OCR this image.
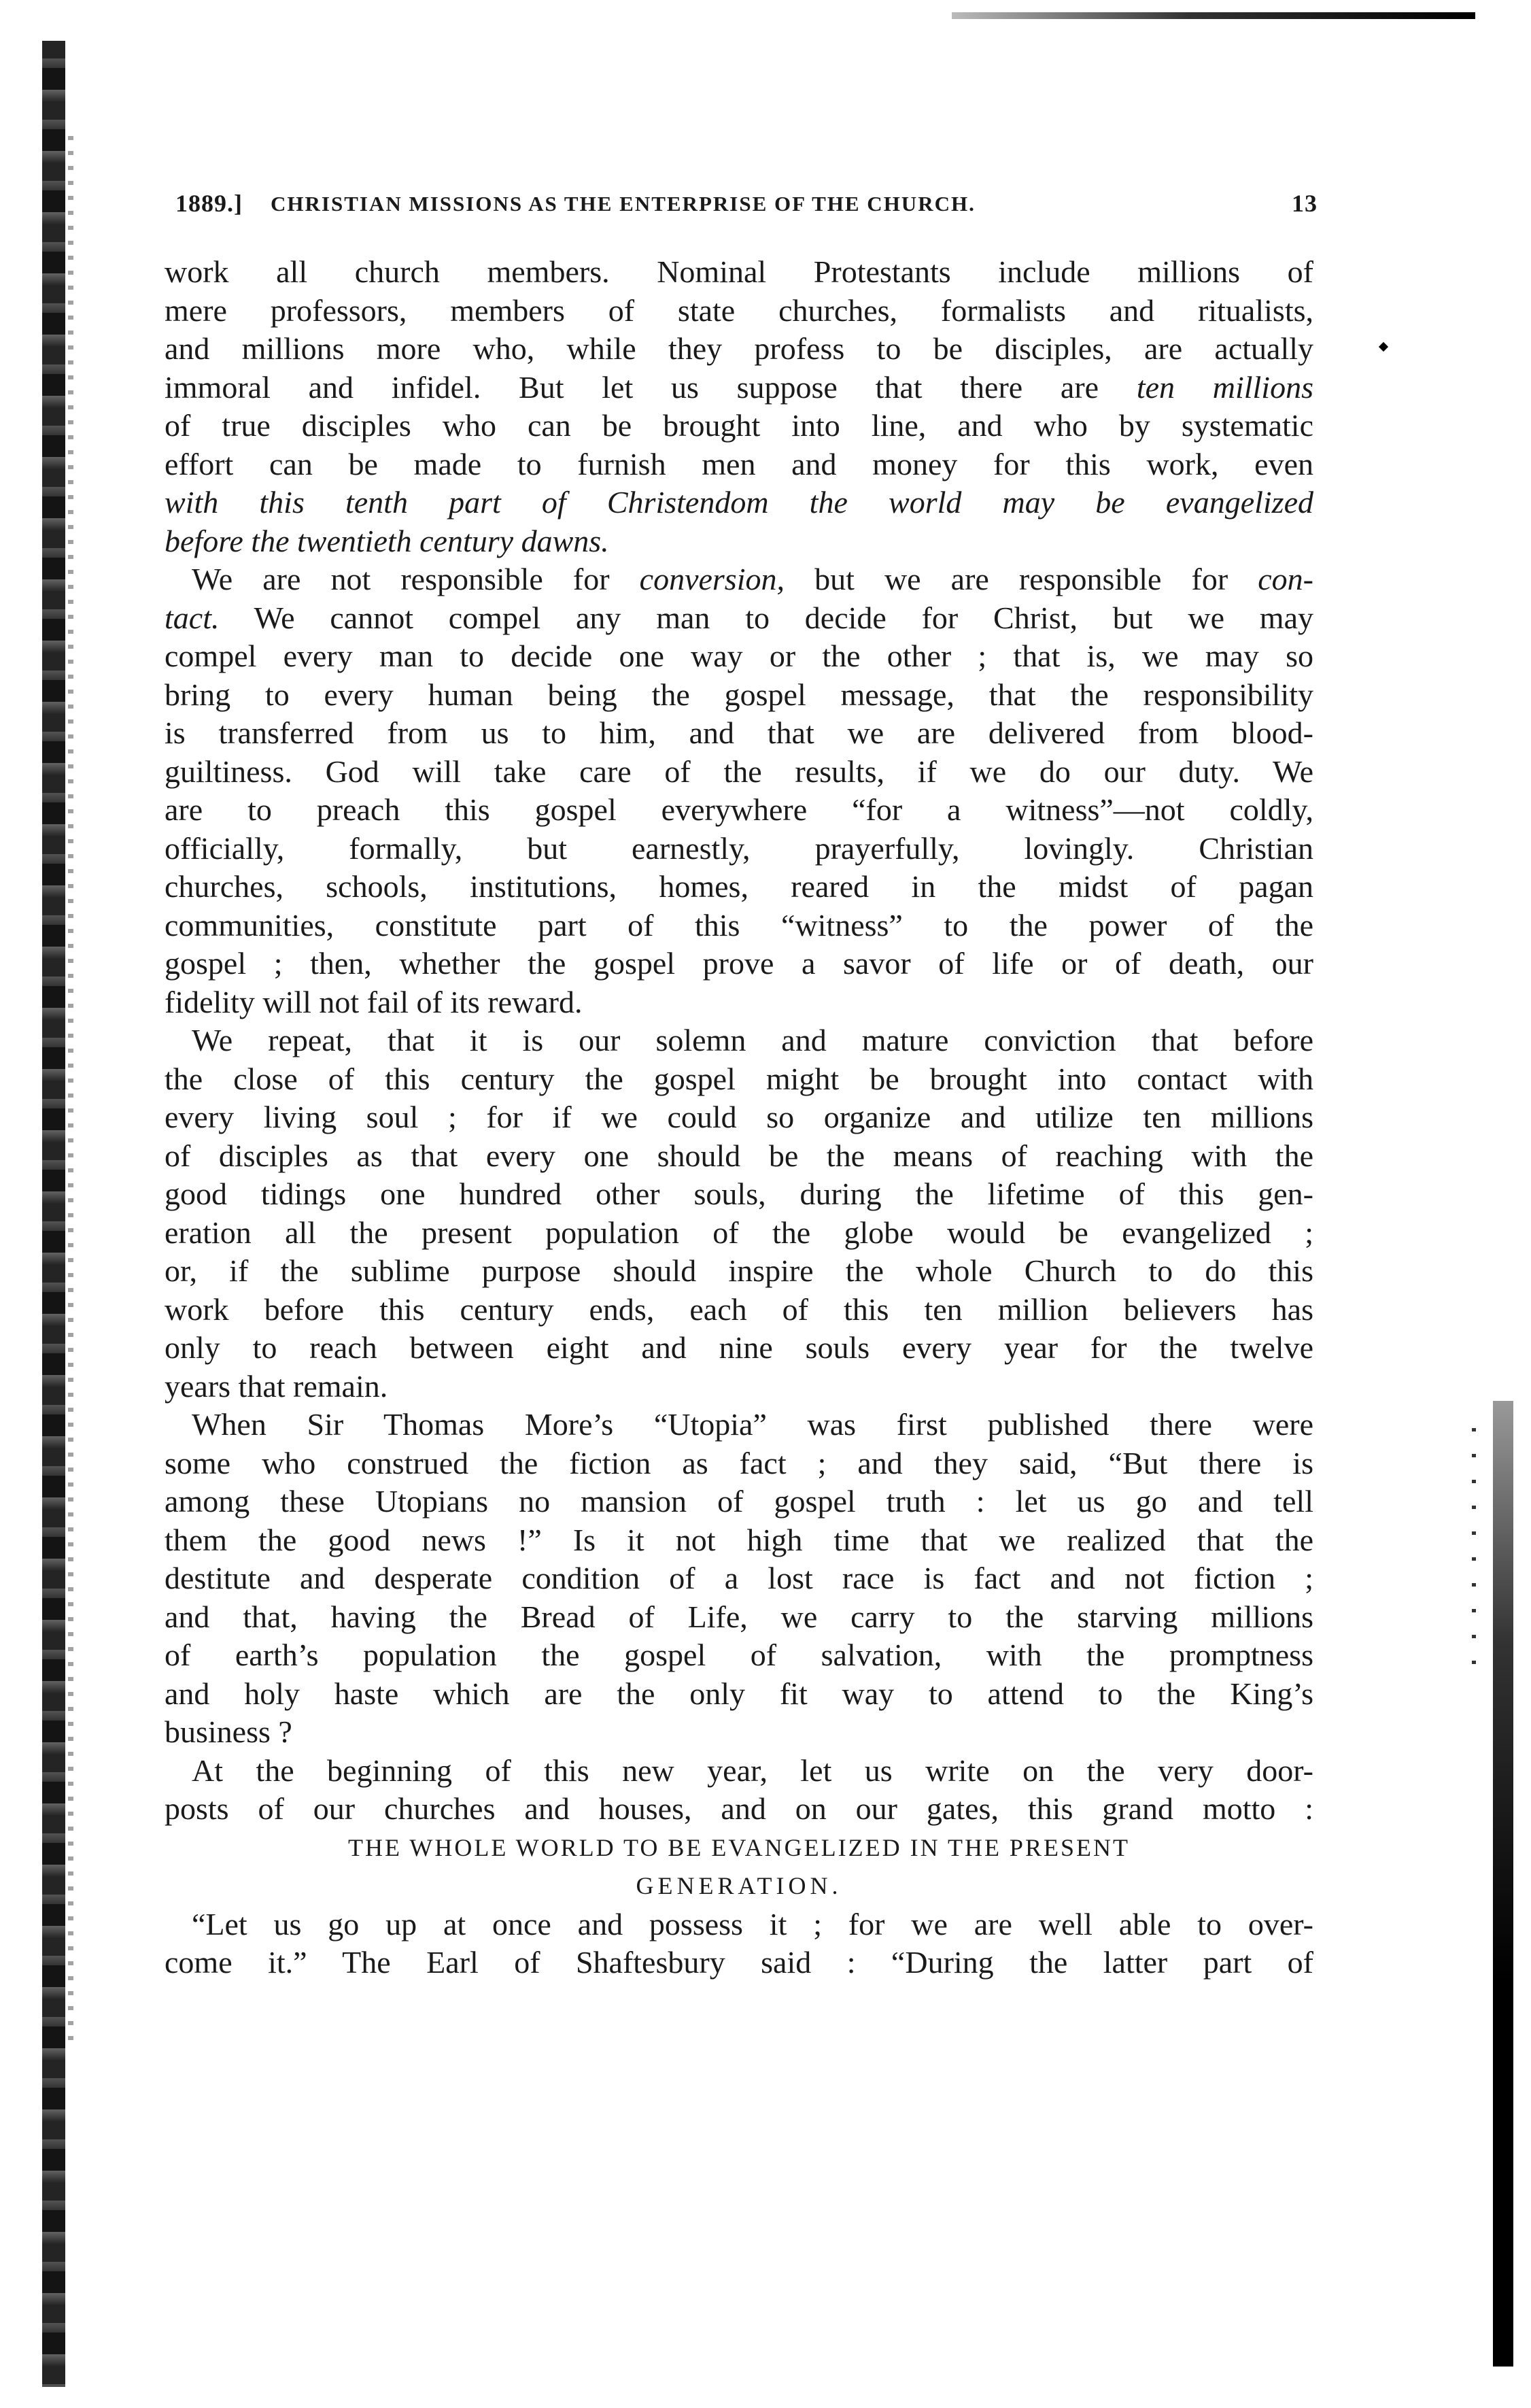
1889.] CHRISTIAN MISSIONS AS THE ENTERPRISE OF THE CHURCH.	13
work all church members. Nominal Protestants include millions of
mere professors, members of state churches, formalists and ritualists,
and millions more who, while they profess to be disciples, are actually
immoral and infidel. But let us suppose that there are ten millions
of true disciples who can be brought into line, and who by systematic
effort can be made to furnish men and money for this work, even
with this tenth part of Christendom the world may be evangelized
before the twentieth century dawns.
We are not responsible for conversion, but we are responsible for con-
tact. We cannot compel any man to decide for Christ, but we may
compel every man to decide one way or the other ; that is, we may so
bring to every human being the gospel message, that the responsibility
is transferred from us to him, and that we are delivered from blood-
guiltiness. God will take care of the results, if we do our duty. We
are to preach this gospel everywhere “for a witness”—not coldly,
officially, formally, but earnestly, prayerfully, lovingly. Christian
churches, schools, institutions, homes, reared in the midst of pagan
communities, constitute part of this “witness” to the power of the
gospel ; then, whether the gospel prove a savor of life or of death, our
fidelity will not fail of its reward.
We repeat, that it is our solemn and mature conviction that before
the close of this century the gospel might be brought into contact with
every living soul ; for if we could so organize and utilize ten millions
of disciples as that every one should be the means of reaching with the
good tidings one hundred other souls, during the lifetime of this gen-
eration all the present population of the globe would be evangelized ;
or, if the sublime purpose should inspire the whole Church to do this
work before this century ends, each of this ten million believers has
only to reach between eight and nine souls every year for the twelve
years that remain.
When Sir Thomas More’s “Utopia” was first published there were
some who construed the fiction as fact ; and they said, “But there is
among these Utopians no mansion of gospel truth : let us go and tell
them the good news !” Is it not high time that we realized that the
destitute and desperate condition of a lost race is fact and not fiction ;
and that, having the Bread of Life, we carry to the starving millions
of earth’s population the gospel of salvation, with the promptness
and holy haste which are the only fit way to attend to the King’s
business ?
At the beginning of this new year, let us write on the very door-
posts of our churches and houses, and on our gates, this grand motto :
THE WHOLE WORLD TO BE EVANGELIZED IN THE PRESENT
GENERATION.
“Let us go up at once and possess it ; for we are well able to over-
come it.” The Earl of Shaftesbury said : “During the latter part of
